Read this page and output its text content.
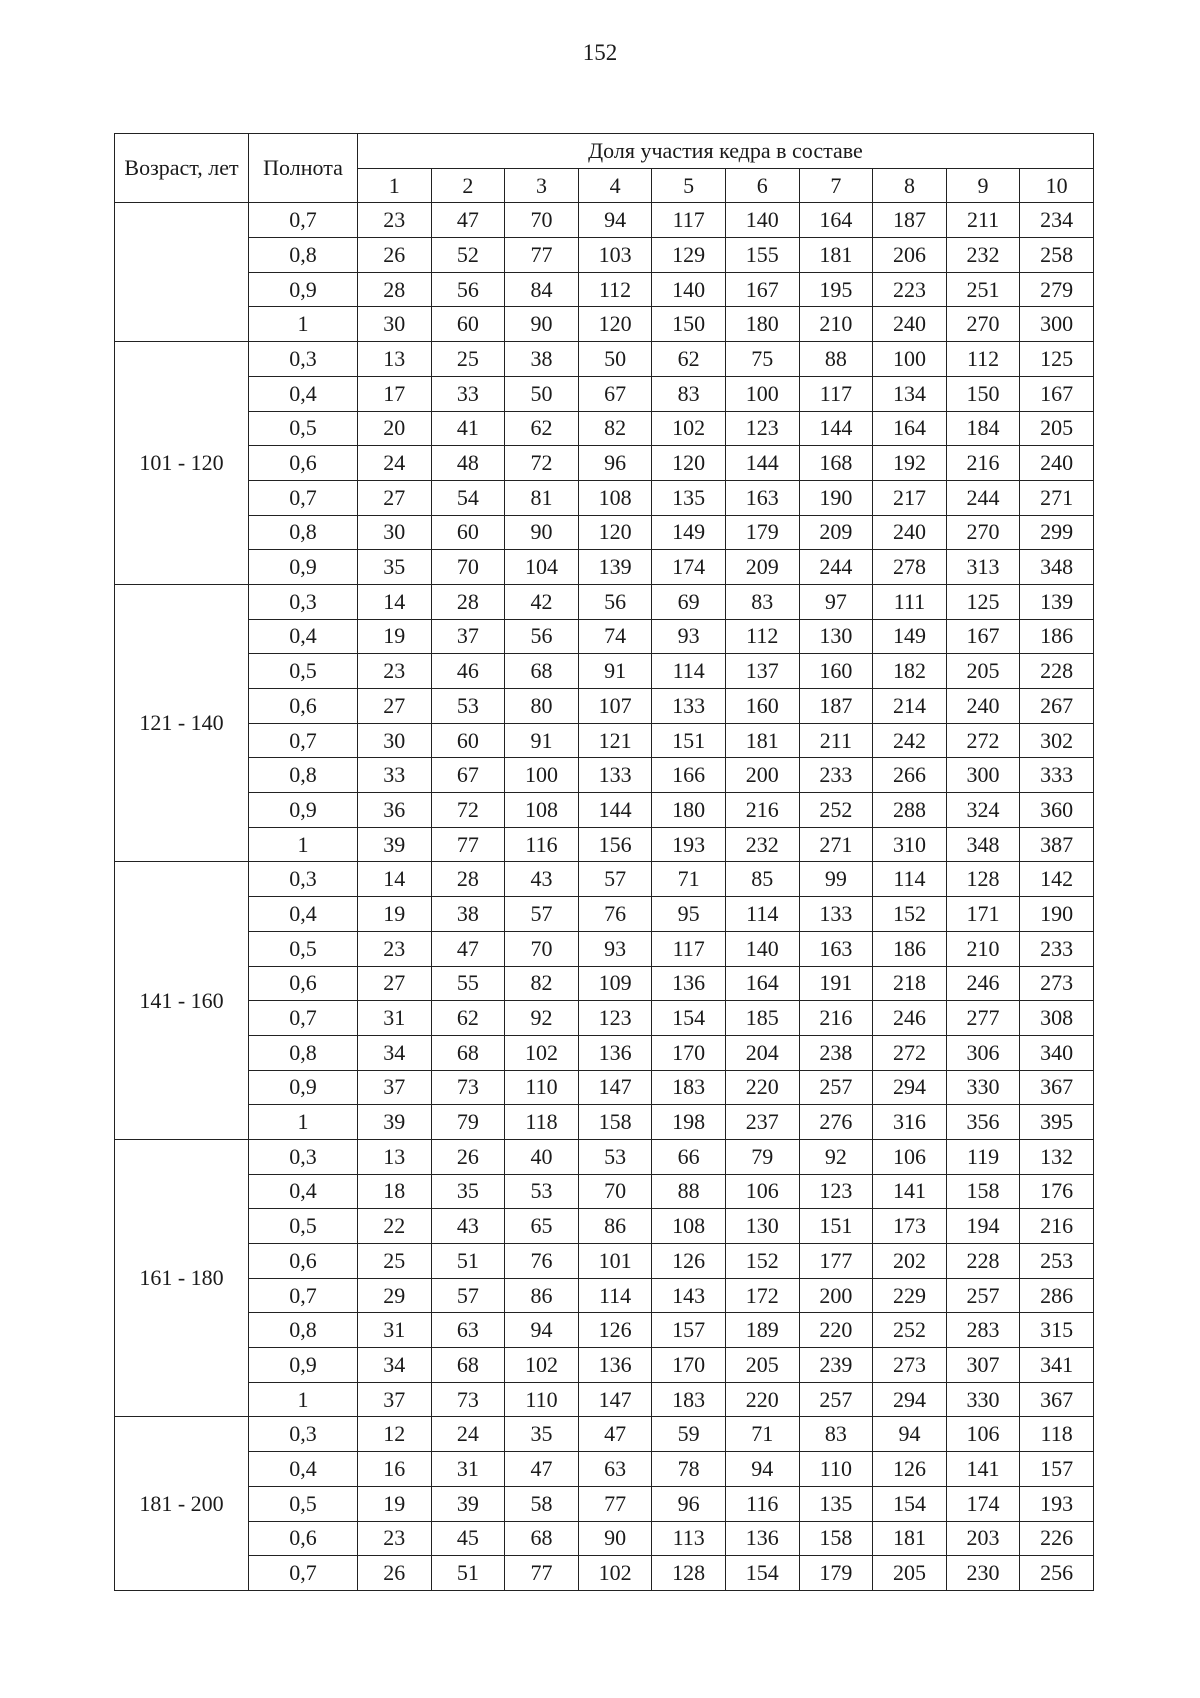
152
Возраст, лет	Полнота	Доля участия кедра в составе									
		1	2	3	4	5	6	7	8	9	10
	0,7	23	47	70	94	117	140	164	187	211	234
	0,8	26	52	77	103	129	155	181	206	232	258
	0,9	28	56	84	112	140	167	195	223	251	279
	1	30	60	90	120	150	180	210	240	270	300
101 - 120	0,3	13	25	38	50	62	75	88	100	112	125
	0,4	17	33	50	67	83	100	117	134	150	167
	0,5	20	41	62	82	102	123	144	164	184	205
	0,6	24	48	72	96	120	144	168	192	216	240
	0,7	27	54	81	108	135	163	190	217	244	271
	0,8	30	60	90	120	149	179	209	240	270	299
	0,9	35	70	104	139	174	209	244	278	313	348
121 - 140	0,3	14	28	42	56	69	83	97	111	125	139
	0,4	19	37	56	74	93	112	130	149	167	186
	0,5	23	46	68	91	114	137	160	182	205	228
	0,6	27	53	80	107	133	160	187	214	240	267
	0,7	30	60	91	121	151	181	211	242	272	302
	0,8	33	67	100	133	166	200	233	266	300	333
	0,9	36	72	108	144	180	216	252	288	324	360
	1	39	77	116	156	193	232	271	310	348	387
141 - 160	0,3	14	28	43	57	71	85	99	114	128	142
	0,4	19	38	57	76	95	114	133	152	171	190
	0,5	23	47	70	93	117	140	163	186	210	233
	0,6	27	55	82	109	136	164	191	218	246	273
	0,7	31	62	92	123	154	185	216	246	277	308
	0,8	34	68	102	136	170	204	238	272	306	340
	0,9	37	73	110	147	183	220	257	294	330	367
	1	39	79	118	158	198	237	276	316	356	395
161 - 180	0,3	13	26	40	53	66	79	92	106	119	132
	0,4	18	35	53	70	88	106	123	141	158	176
	0,5	22	43	65	86	108	130	151	173	194	216
	0,6	25	51	76	101	126	152	177	202	228	253
	0,7	29	57	86	114	143	172	200	229	257	286
	0,8	31	63	94	126	157	189	220	252	283	315
	0,9	34	68	102	136	170	205	239	273	307	341
	1	37	73	110	147	183	220	257	294	330	367
181 - 200	0,3	12	24	35	47	59	71	83	94	106	118
	0,4	16	31	47	63	78	94	110	126	141	157
	0,5	19	39	58	77	96	116	135	154	174	193
	0,6	23	45	68	90	113	136	158	181	203	226
	0,7	26	51	77	102	128	154	179	205	230	256
